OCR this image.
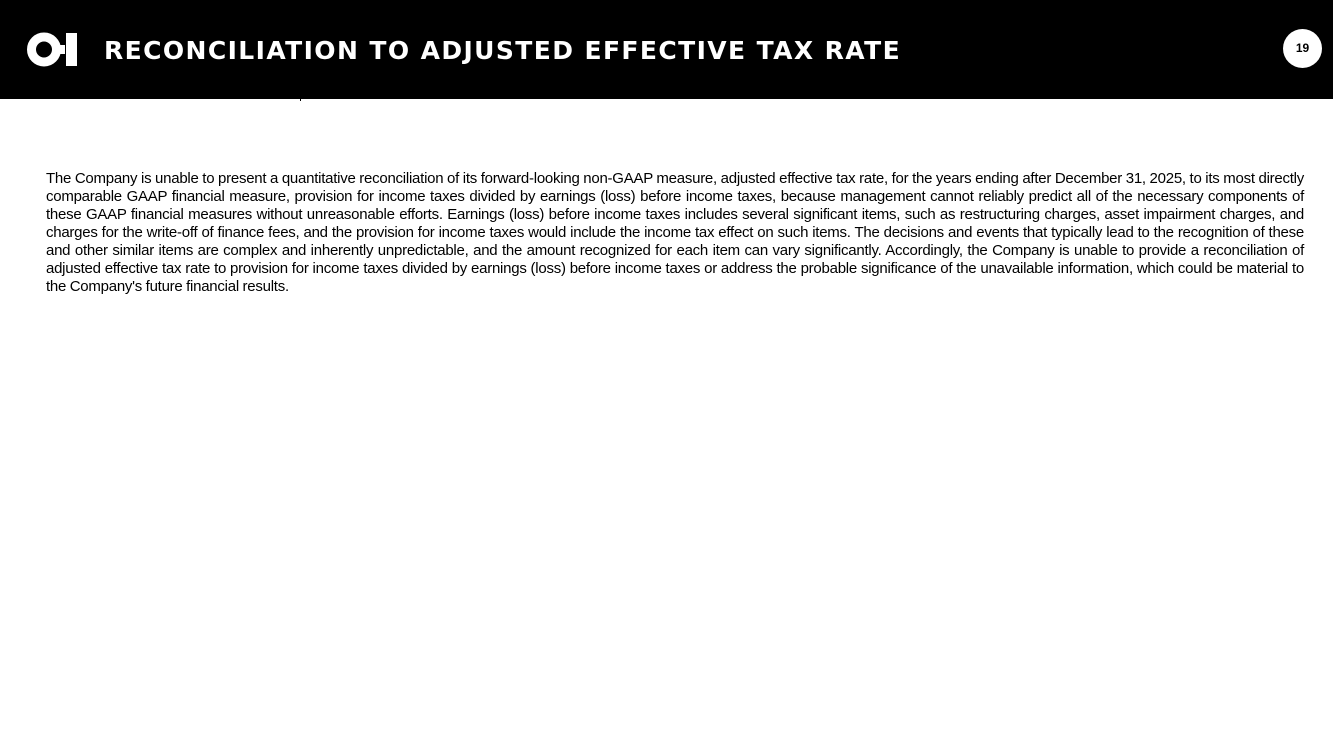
RECONCILIATION TO ADJUSTED EFFECTIVE TAX RATE	19

The Company is unable to present a quantitative reconciliation of its forward-looking non-GAAP measure, adjusted effective tax rate, for the years ending after December 31, 2025, to its most directly comparable GAAP financial measure, provision for income taxes divided by earnings (loss) before income taxes, because management cannot reliably predict all of the necessary components of these GAAP financial measures without unreasonable efforts. Earnings (loss) before income taxes includes several significant items, such as restructuring charges, asset impairment charges, and charges for the write-off of finance fees, and the provision for income taxes would include the income tax effect on such items. The decisions and events that typically lead to the recognition of these and other similar items are complex and inherently unpredictable, and the amount recognized for each item can vary significantly. Accordingly, the Company is unable to provide a reconciliation of adjusted effective tax rate to provision for income taxes divided by earnings (loss) before income taxes or address the probable significance of the unavailable information, which could be material to the Company's future financial results.
